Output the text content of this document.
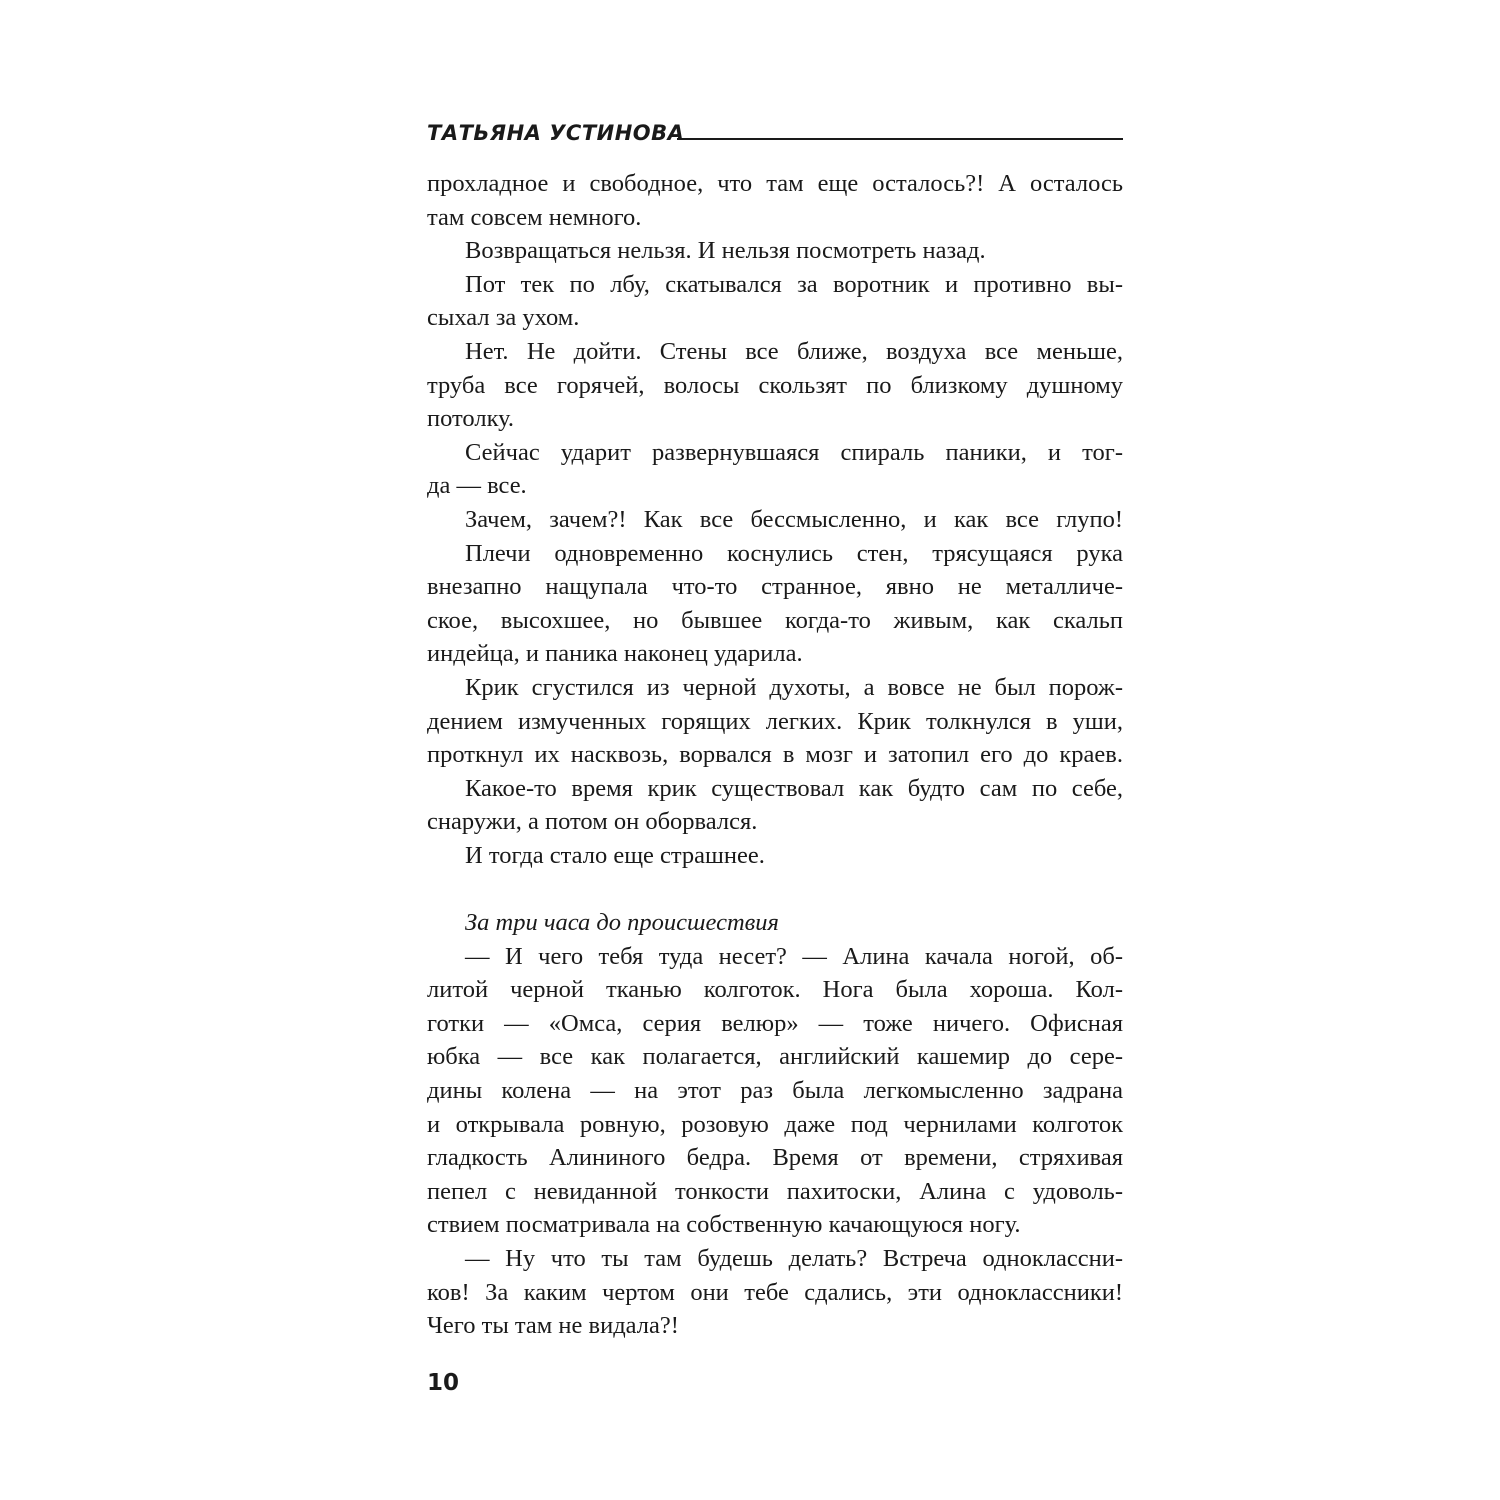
ТАТЬЯНА УСТИНОВА
прохладное и свободное, что там еще осталось?! А осталось
там совсем немного.
Возвращаться нельзя. И нельзя посмотреть назад.
Пот тек по лбу, скатывался за воротник и противно вы-
сыхал за ухом.
Нет. Не дойти. Стены все ближе, воздуха все меньше,
труба все горячей, волосы скользят по близкому душному
потолку.
Сейчас ударит развернувшаяся спираль паники, и тог-
да — все.
Зачем, зачем?! Как все бессмысленно, и как все глупо!
Плечи одновременно коснулись стен, трясущаяся рука
внезапно нащупала что-то странное, явно не металличе-
ское, высохшее, но бывшее когда-то живым, как скальп
индейца, и паника наконец ударила.
Крик сгустился из черной духоты, а вовсе не был порож-
дением измученных горящих легких. Крик толкнулся в уши,
проткнул их насквозь, ворвался в мозг и затопил его до краев.
Какое-то время крик существовал как будто сам по себе,
снаружи, а потом он оборвался.
И тогда стало еще страшнее.
За три часа до происшествия
— И чего тебя туда несет? — Алина качала ногой, об-
литой черной тканью колготок. Нога была хороша. Кол-
готки — «Омса, серия велюр» — тоже ничего. Офисная
юбка — все как полагается, английский кашемир до сере-
дины колена — на этот раз была легкомысленно задрана
и открывала ровную, розовую даже под чернилами колготок
гладкость Алининого бедра. Время от времени, стряхивая
пепел с невиданной тонкости пахитоски, Алина с удоволь-
ствием посматривала на собственную качающуюся ногу.
— Ну что ты там будешь делать? Встреча одноклассни-
ков! За каким чертом они тебе сдались, эти одноклассники!
Чего ты там не видала?!
10
